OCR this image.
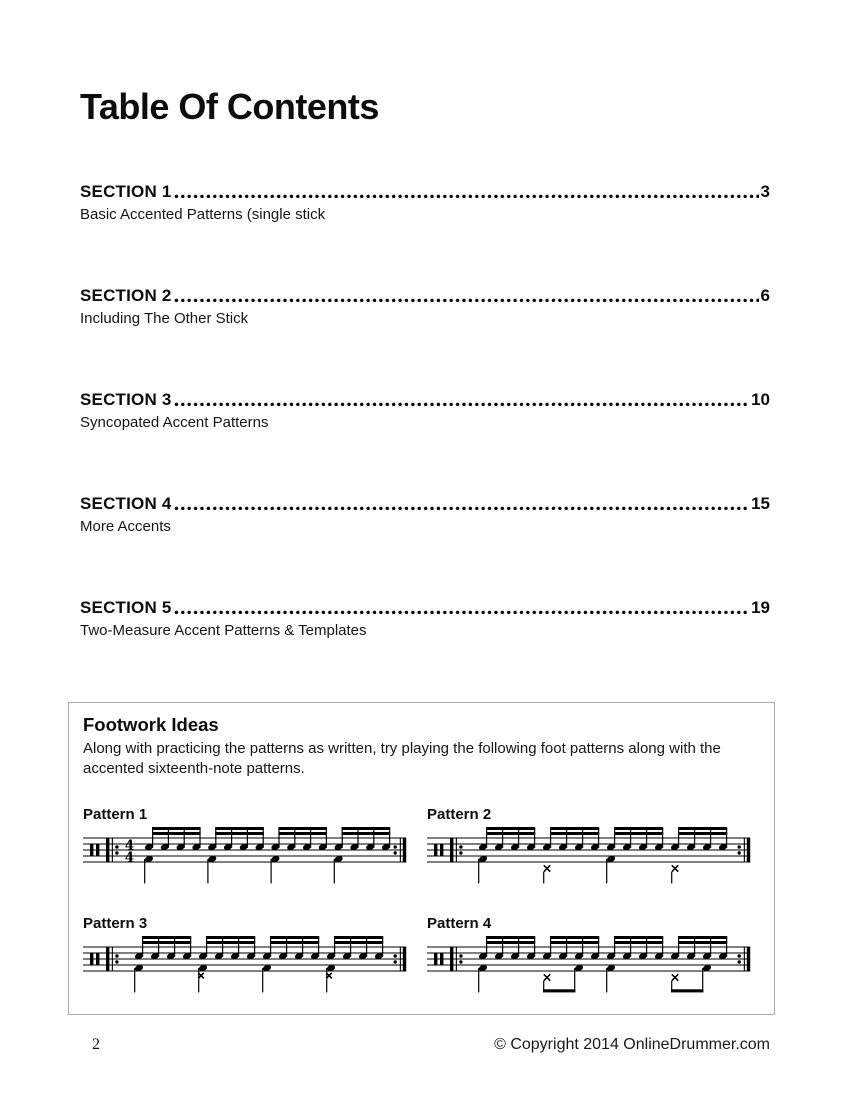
Table Of Contents
SECTION 1	3
Basic Accented Patterns (single stick
SECTION 2	6
Including The Other Stick
SECTION 3	10
Syncopated Accent Patterns
SECTION 4	15
More Accents
SECTION 5	19
Two-Measure Accent Patterns & Templates
Footwork Ideas
Along with practicing the patterns as written, try playing the following foot patterns along with the accented sixteenth-note patterns.
Pattern 1
4
4
Pattern 2
Pattern 3	Pattern 4
2	© Copyright 2014 OnlineDrummer.com
